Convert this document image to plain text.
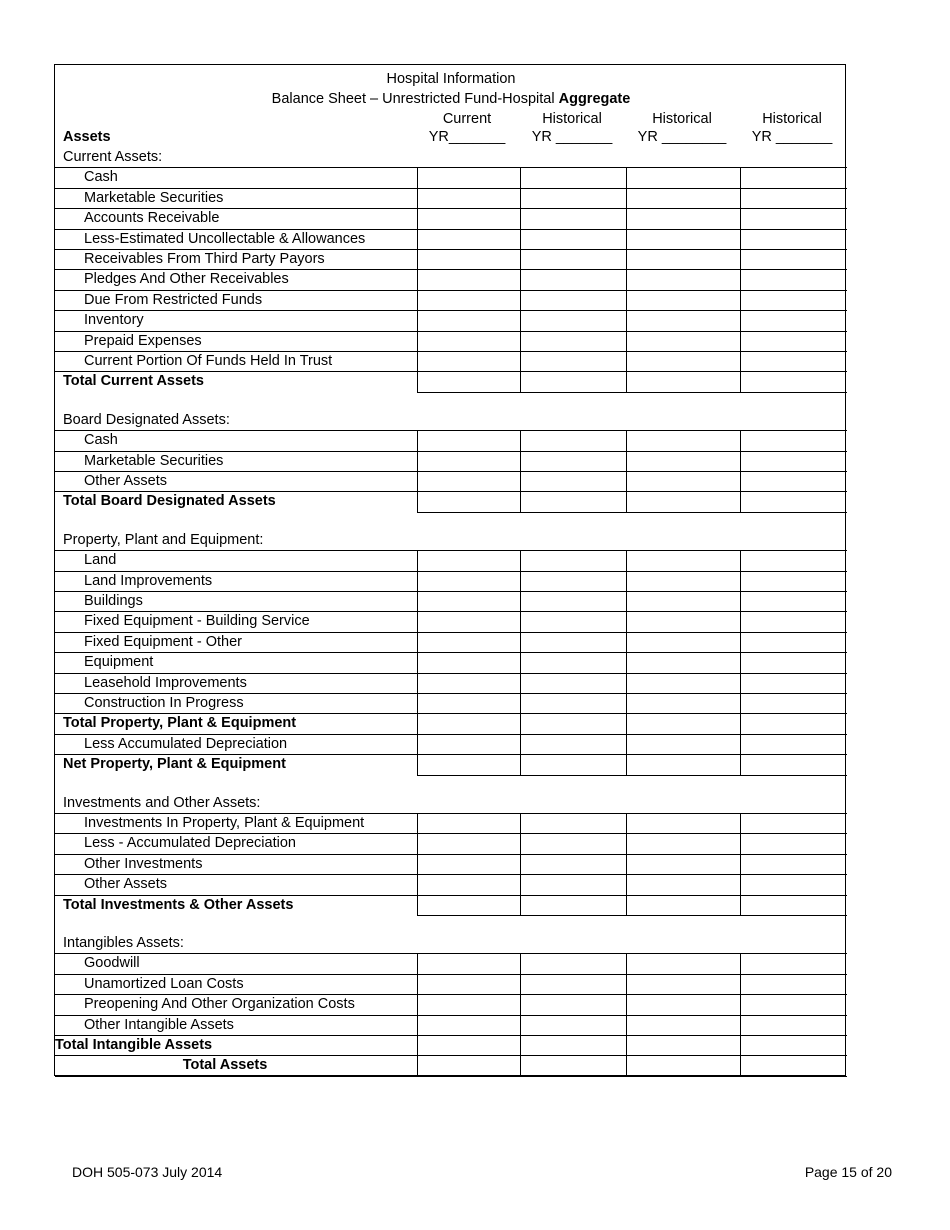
Hospital Information
Balance Sheet – Unrestricted Fund-Hospital Aggregate
Assets
Current
YR_______
Historical
YR _______
Historical
YR ________
Historical
YR _______
Current Assets:
Cash
Marketable Securities
Accounts Receivable
Less-Estimated Uncollectable & Allowances
Receivables From Third Party Payors
Pledges And Other Receivables
Due From Restricted Funds
Inventory
Prepaid Expenses
Current Portion Of Funds Held In Trust
Total Current Assets
Board Designated Assets:
Cash
Marketable Securities
Other Assets
Total Board Designated Assets
Property, Plant and Equipment:
Land
Land Improvements
Buildings
Fixed Equipment - Building Service
Fixed Equipment - Other
Equipment
Leasehold Improvements
Construction In Progress
Total Property, Plant & Equipment
Less Accumulated Depreciation
Net Property, Plant & Equipment
Investments and Other Assets:
Investments In Property, Plant & Equipment
Less - Accumulated Depreciation
Other Investments
Other Assets
Total Investments & Other Assets
Intangibles Assets:
Goodwill
Unamortized Loan Costs
Preopening And Other Organization Costs
Other Intangible Assets
Total Intangible Assets
Total Assets
DOH 505-073 July 2014	Page 15 of 20
